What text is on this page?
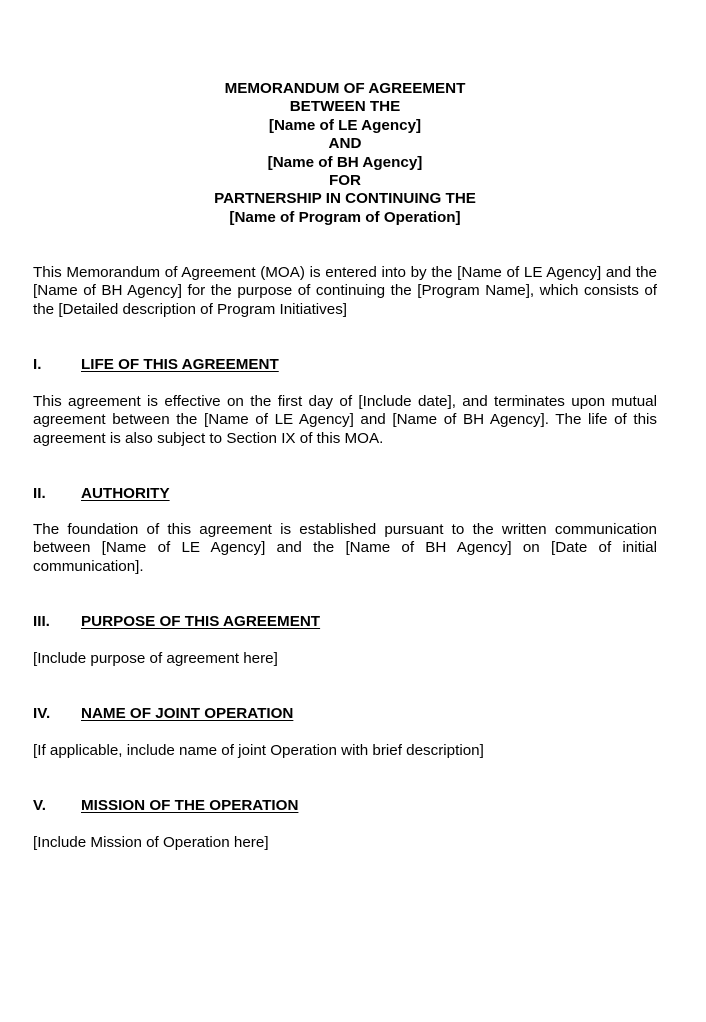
MEMORANDUM OF AGREEMENT
BETWEEN THE
[Name of LE Agency]
AND
[Name of BH Agency]
FOR
PARTNERSHIP IN CONTINUING THE
[Name of Program of Operation]
This Memorandum of Agreement (MOA) is entered into by the [Name of LE Agency] and the [Name of BH Agency] for the purpose of continuing the [Program Name], which consists of the [Detailed description of Program Initiatives]
I.	LIFE OF THIS AGREEMENT
This agreement is effective on the first day of [Include date], and terminates upon mutual agreement between the [Name of LE Agency] and [Name of BH Agency]. The life of this agreement is also subject to Section IX of this MOA.
II. AUTHORITY
The foundation of this agreement is established pursuant to the written communication between [Name of LE Agency] and the [Name of BH Agency] on [Date of initial communication].
III. PURPOSE OF THIS AGREEMENT
[Include purpose of agreement here]
IV. NAME OF JOINT OPERATION
[If applicable, include name of joint Operation with brief description]
V. MISSION OF THE OPERATION
[Include Mission of Operation here]
